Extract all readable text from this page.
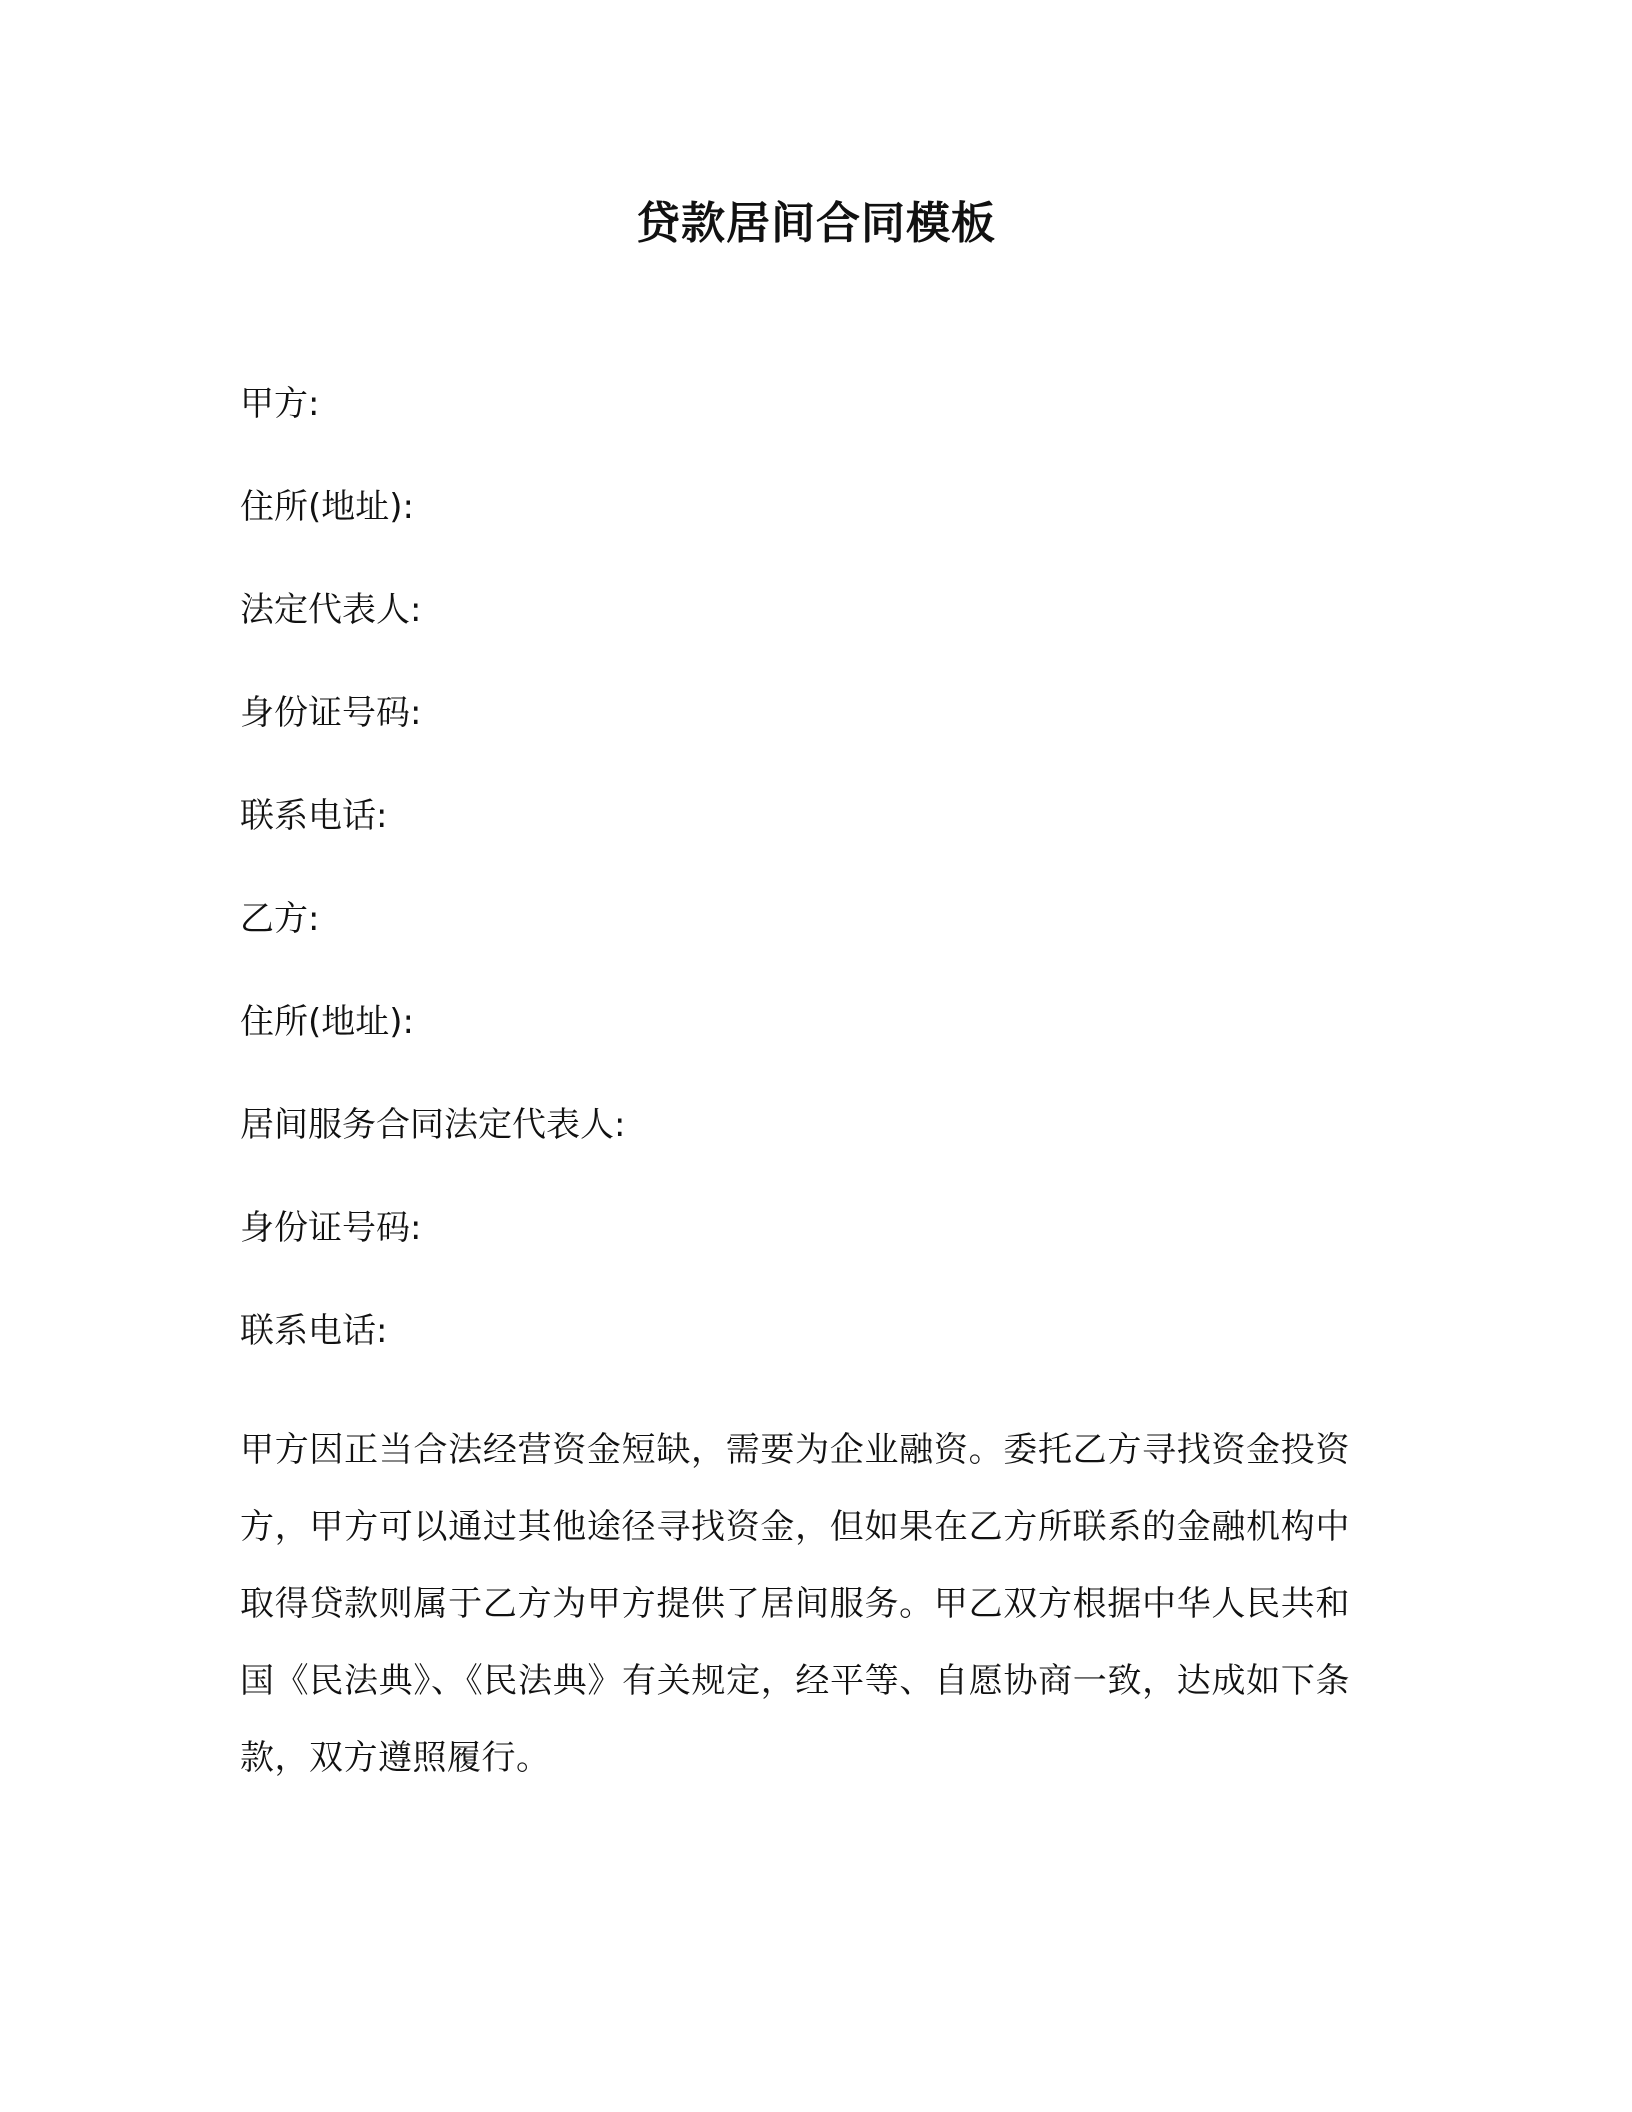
贷款居间合同模板
甲方:
住所(地址):
法定代表人:
身份证号码:
联系电话:
乙方:
住所(地址):
居间服务合同法定代表人:
身份证号码:
联系电话:
甲方因正当合法经营资金短缺，需要为企业融资。委托乙方寻找资金投资方，甲方可以通过其他途径寻找资金，但如果在乙方所联系的金融机构中取得贷款则属于乙方为甲方提供了居间服务。甲乙双方根据中华人民共和国《民法典》、《民法典》有关规定，经平等、自愿协商一致，达成如下条款，双方遵照履行。
